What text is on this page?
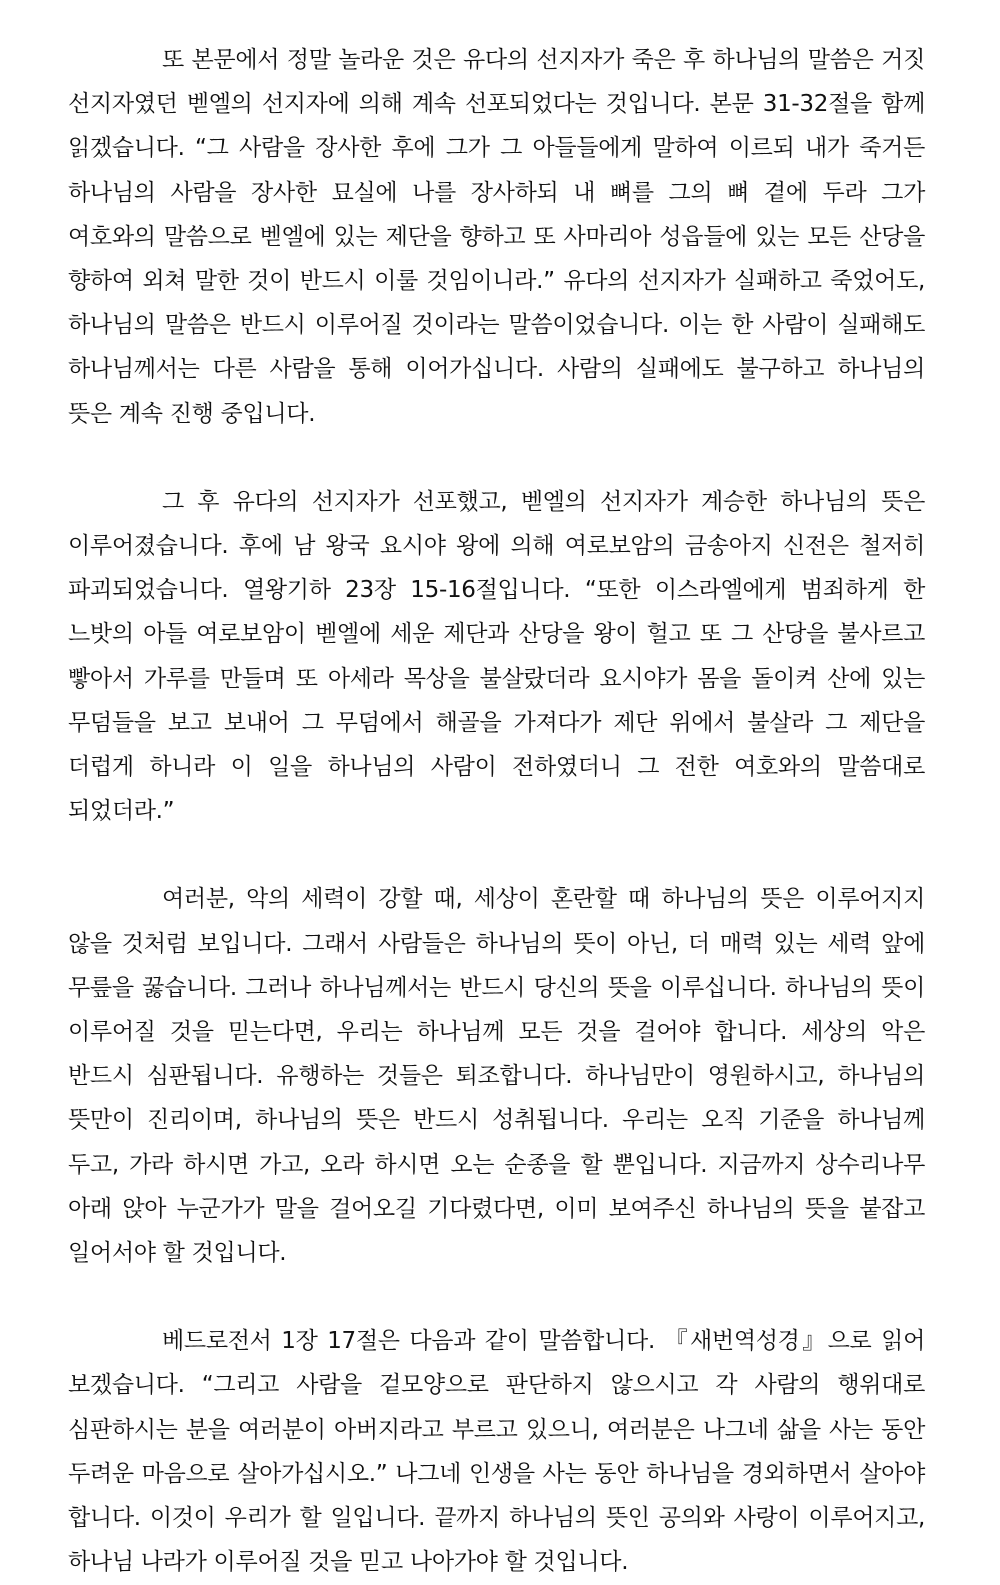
또 본문에서 정말 놀라운 것은 유다의 선지자가 죽은 후 하나님의 말씀은 거짓 선지자였던 벧엘의 선지자에 의해 계속 선포되었다는 것입니다. 본문 31-32절을 함께 읽겠습니다. “그 사람을 장사한 후에 그가 그 아들들에게 말하여 이르되 내가 죽거든 하나님의 사람을 장사한 묘실에 나를 장사하되 내 뼈를 그의 뼈 곁에 두라 그가 여호와의 말씀으로 벧엘에 있는 제단을 향하고 또 사마리아 성읍들에 있는 모든 산당을 향하여 외쳐 말한 것이 반드시 이룰 것임이니라.” 유다의 선지자가 실패하고 죽었어도, 하나님의 말씀은 반드시 이루어질 것이라는 말씀이었습니다. 이는 한 사람이 실패해도 하나님께서는 다른 사람을 통해 이어가십니다. 사람의 실패에도 불구하고 하나님의 뜻은 계속 진행 중입니다.

그 후 유다의 선지자가 선포했고, 벧엘의 선지자가 계승한 하나님의 뜻은 이루어졌습니다. 후에 남 왕국 요시야 왕에 의해 여로보암의 금송아지 신전은 철저히 파괴되었습니다. 열왕기하 23장 15-16절입니다. “또한 이스라엘에게 범죄하게 한 느밧의 아들 여로보암이 벧엘에 세운 제단과 산당을 왕이 헐고 또 그 산당을 불사르고 빻아서 가루를 만들며 또 아세라 목상을 불살랐더라 요시야가 몸을 돌이켜 산에 있는 무덤들을 보고 보내어 그 무덤에서 해골을 가져다가 제단 위에서 불살라 그 제단을 더럽게 하니라 이 일을 하나님의 사람이 전하였더니 그 전한 여호와의 말씀대로 되었더라.”

여러분, 악의 세력이 강할 때, 세상이 혼란할 때 하나님의 뜻은 이루어지지 않을 것처럼 보입니다. 그래서 사람들은 하나님의 뜻이 아닌, 더 매력 있는 세력 앞에 무릎을 꿇습니다. 그러나 하나님께서는 반드시 당신의 뜻을 이루십니다. 하나님의 뜻이 이루어질 것을 믿는다면, 우리는 하나님께 모든 것을 걸어야 합니다. 세상의 악은 반드시 심판됩니다. 유행하는 것들은 퇴조합니다. 하나님만이 영원하시고, 하나님의 뜻만이 진리이며, 하나님의 뜻은 반드시 성취됩니다. 우리는 오직 기준을 하나님께 두고, 가라 하시면 가고, 오라 하시면 오는 순종을 할 뿐입니다. 지금까지 상수리나무 아래 앉아 누군가가 말을 걸어오길 기다렸다면, 이미 보여주신 하나님의 뜻을 붙잡고 일어서야 할 것입니다.

베드로전서 1장 17절은 다음과 같이 말씀합니다. 『새번역성경』으로 읽어 보겠습니다. “그리고 사람을 겉모양으로 판단하지 않으시고 각 사람의 행위대로 심판하시는 분을 여러분이 아버지라고 부르고 있으니, 여러분은 나그네 삶을 사는 동안 두려운 마음으로 살아가십시오.” 나그네 인생을 사는 동안 하나님을 경외하면서 살아야 합니다. 이것이 우리가 할 일입니다. 끝까지 하나님의 뜻인 공의와 사랑이 이루어지고, 하나님 나라가 이루어질 것을 믿고 나아가야 할 것입니다.
